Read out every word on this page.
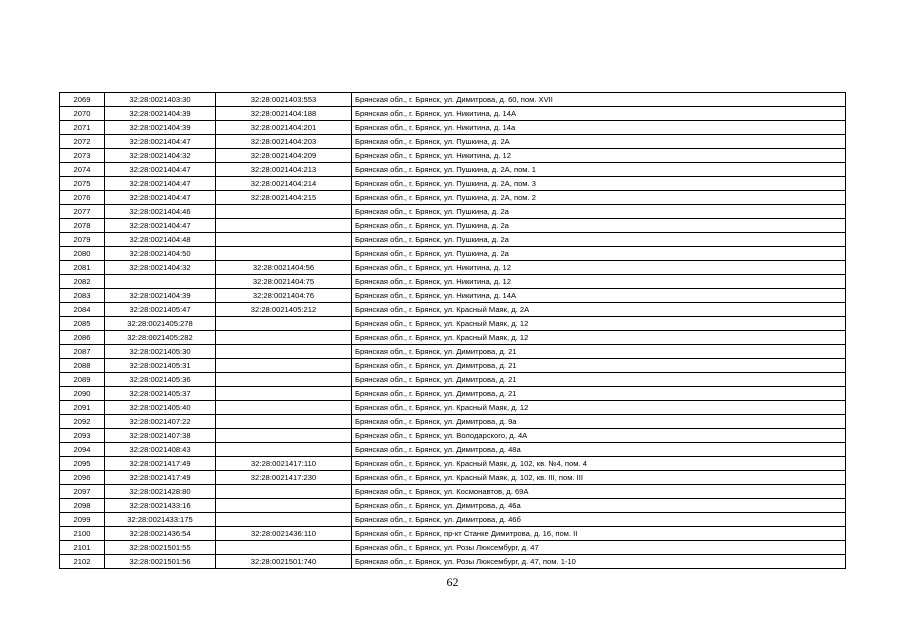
2069	32:28:0021403:30	32:28:0021403:553	Брянская обл., г. Брянск, ул. Димитрова, д. 60, пом. XVII
2070	32:28:0021404:39	32:28:0021404:188	Брянская обл., г. Брянск, ул. Никитина, д. 14А
2071	32:28:0021404:39	32:28:0021404:201	Брянская обл., г. Брянск, ул. Никитина, д. 14а
2072	32:28:0021404:47	32:28:0021404:203	Брянская обл., г. Брянск, ул. Пушкина, д. 2А
2073	32:28:0021404:32	32:28:0021404:209	Брянская обл., г. Брянск, ул. Никитина, д. 12
2074	32:28:0021404:47	32:28:0021404:213	Брянская обл., г. Брянск, ул. Пушкина, д. 2А, пом. 1
2075	32:28:0021404:47	32:28:0021404:214	Брянская обл., г. Брянск, ул. Пушкина, д. 2А, пом. 3
2076	32:28:0021404:47	32:28:0021404:215	Брянская обл., г. Брянск, ул. Пушкина, д. 2А, пом. 2
2077	32:28:0021404:46		Брянская обл., г. Брянск, ул. Пушкина, д. 2а
2078	32:28:0021404:47		Брянская обл., г. Брянск, ул. Пушкина, д. 2а
2079	32:28:0021404:48		Брянская обл., г. Брянск, ул. Пушкина, д. 2а
2080	32:28:0021404:50		Брянская обл., г. Брянск, ул. Пушкина, д. 2а
2081	32:28:0021404:32	32:28:0021404:56	Брянская обл., г. Брянск, ул. Никитина, д. 12
2082		32:28:0021404:75	Брянская обл., г. Брянск, ул. Никитина, д. 12
2083	32:28:0021404:39	32:28:0021404:76	Брянская обл., г. Брянск, ул. Никитина, д. 14А
2084	32:28:0021405:47	32:28:0021405:212	Брянская обл., г. Брянск, ул. Красный Маяк, д. 2А
2085	32:28:0021405:278		Брянская обл., г. Брянск, ул. Красный Маяк, д. 12
2086	32:28:0021405:282		Брянская обл., г. Брянск, ул. Красный Маяк, д. 12
2087	32:28:0021405:30		Брянская обл., г. Брянск, ул. Димитрова, д. 21
2088	32:28:0021405:31		Брянская обл., г. Брянск, ул. Димитрова, д. 21
2089	32:28:0021405:36		Брянская обл., г. Брянск, ул. Димитрова, д. 21
2090	32:28:0021405:37		Брянская обл., г. Брянск, ул. Димитрова, д. 21
2091	32:28:0021405:40		Брянская обл., г. Брянск, ул. Красный Маяк, д. 12
2092	32:28:0021407:22		Брянская обл., г. Брянск, ул. Димитрова, д. 9а
2093	32:28:0021407:38		Брянская обл., г. Брянск, ул. Володарского, д. 4А
2094	32:28:0021408:43		Брянская обл., г. Брянск, ул. Димитрова, д. 48а
2095	32:28:0021417:49	32:28:0021417:110	Брянская обл., г. Брянск, ул. Красный Маяк, д. 102, кв. №4, пом. 4
2096	32:28:0021417:49	32:28:0021417:230	Брянская обл., г. Брянск, ул. Красный Маяк, д. 102, кв. III, пом. III
2097	32:28:0021428:80		Брянская обл., г. Брянск, ул. Космонавтов, д. 69А
2098	32:28:0021433:16		Брянская обл., г. Брянск, ул. Димитрова, д. 46а
2099	32:28:0021433:175		Брянская обл., г. Брянск, ул. Димитрова, д. 46б
2100	32:28:0021436:54	32:28:0021436:110	Брянская обл., г. Брянск, пр-кт Станке Димитрова, д. 16, пом. II
2101	32:28:0021501:55		Брянская обл., г. Брянск, ул. Розы Люксембург, д. 47
2102	32:28:0021501:56	32:28:0021501:740	Брянская обл., г. Брянск, ул. Розы Люксембург, д. 47, пом. 1-10
62
